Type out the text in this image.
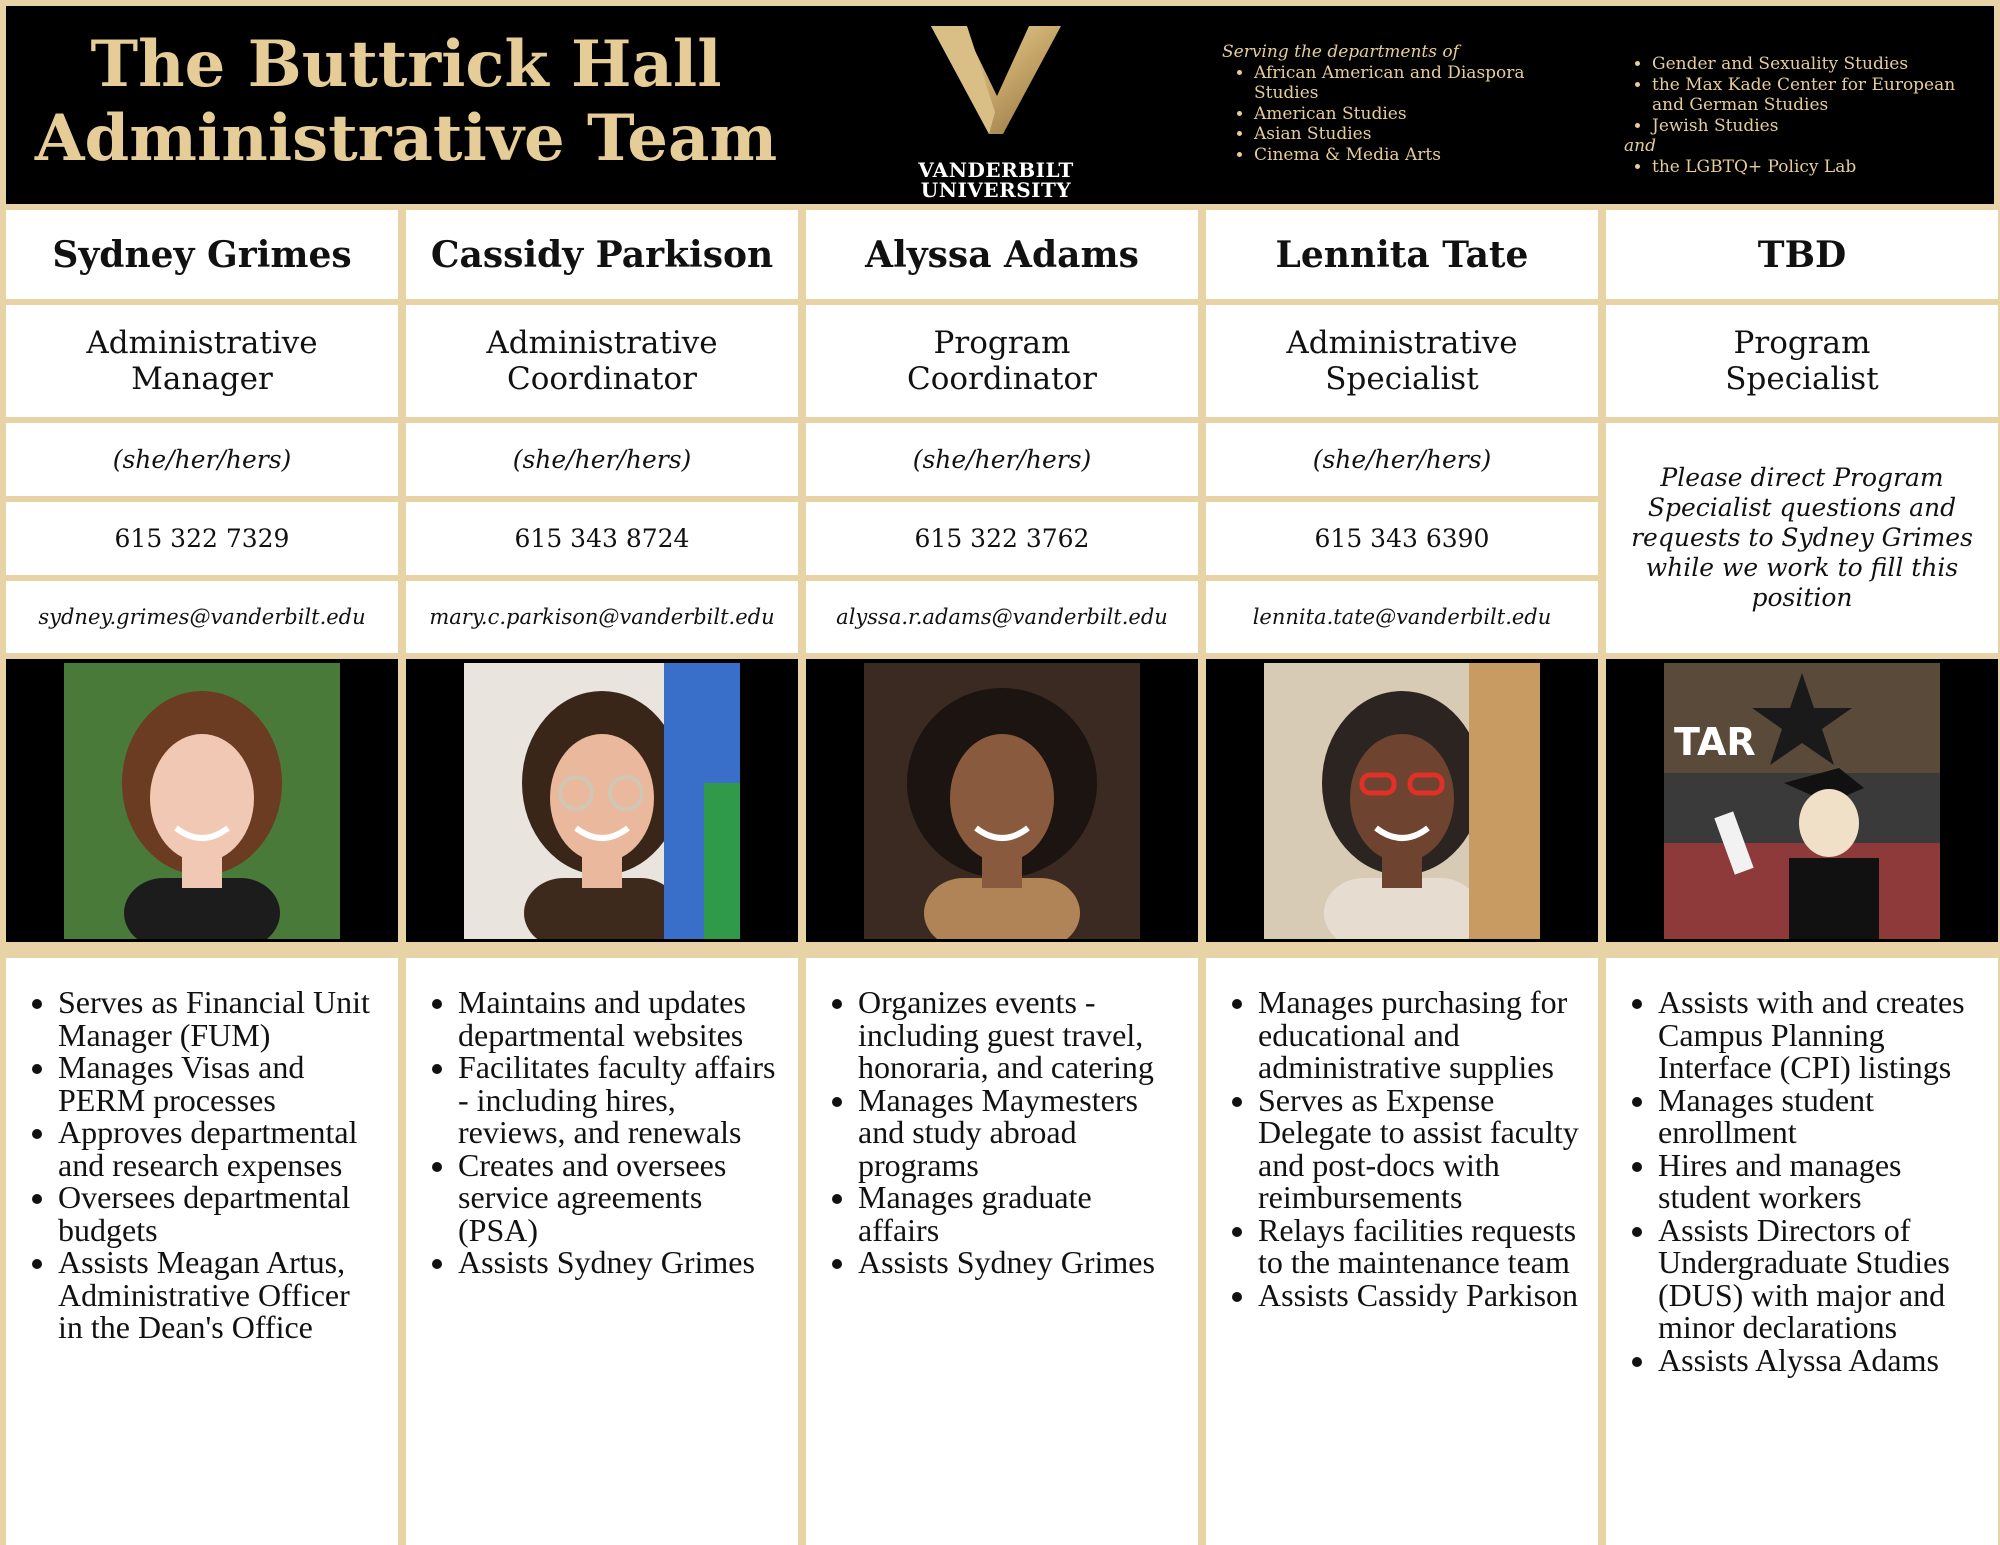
The Buttrick Hall
Administrative Team	VANDERBILT
UNIVERSITY
Serving the departments of
• African American and Diaspora Studies
• American Studies
• Asian Studies
• Cinema & Media Arts
• Gender and Sexuality Studies
• the Max Kade Center for European and German Studies
• Jewish Studies
and
• the LGBTQ+ Policy Lab
Sydney Grimes
Administrative
Manager
(she/her/hers)
615 322 7329
sydney.grimes@vanderbilt.edu
• Serves as Financial Unit Manager (FUM)
• Manages Visas and PERM processes
• Approves departmental and research expenses
• Oversees departmental budgets
• Assists Meagan Artus, Administrative Officer in the Dean's Office
Cassidy Parkison
Administrative
Coordinator
(she/her/hers)
615 343 8724
mary.c.parkison@vanderbilt.edu
• Maintains and updates departmental websites
• Facilitates faculty affairs - including hires, reviews, and renewals
• Creates and oversees service agreements (PSA)
• Assists Sydney Grimes
Alyssa Adams
Program
Coordinator
(she/her/hers)
615 322 3762
alyssa.r.adams@vanderbilt.edu
• Organizes events - including guest travel, honoraria, and catering
• Manages Maymesters and study abroad programs
• Manages graduate affairs
• Assists Sydney Grimes
Lennita Tate
Administrative
Specialist
(she/her/hers)
615 343 6390
lennita.tate@vanderbilt.edu
• Manages purchasing for educational and administrative supplies
• Serves as Expense Delegate to assist faculty and post-docs with reimbursements
• Relays facilities requests to the maintenance team
• Assists Cassidy Parkison
TBD
Program
Specialist
Please direct Program Specialist questions and requests to Sydney Grimes while we work to fill this position
TAR
• Assists with and creates Campus Planning Interface (CPI) listings
• Manages student enrollment
• Hires and manages student workers
• Assists Directors of Undergraduate Studies (DUS) with major and minor declarations
• Assists Alyssa Adams
